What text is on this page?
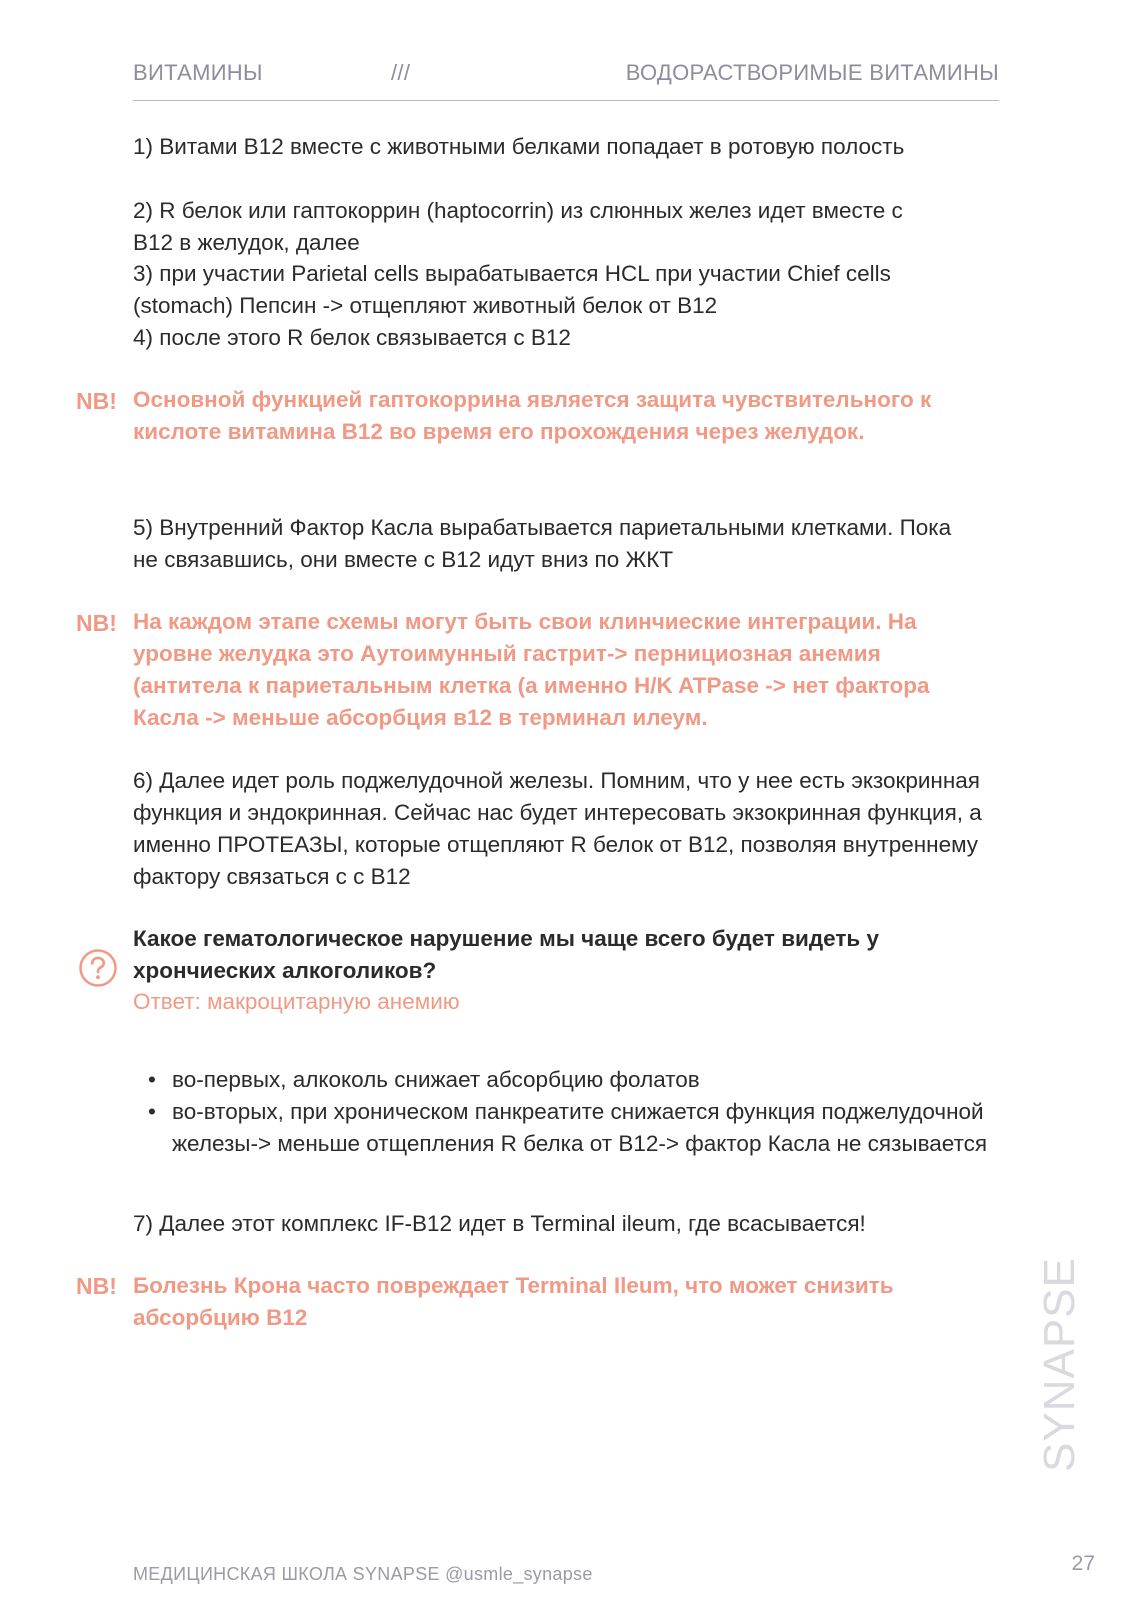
ВИТАМИНЫ	///	ВОДОРАСТВОРИМЫЕ ВИТАМИНЫ

1) Витами В12 вместе с животными белками попадает в ротовую полость

2) R белок или гаптокоррин (haptocorrin) из слюнных желез идет вместе с В12 в желудок, далее

3) при участии Parietal cells вырабатывается HCL при участии Chief cells (stomach) Пепсин -> отщепляют животный белок от В12

4) после этого R белок связывается с В12

NB! Основной функцией гаптокоррина является защита чувствительного к кислоте витамина В12 во время его прохождения через желудок.

5) Внутренний Фактор Касла вырабатывается париетальными клетками. Пока не связавшись, они вместе с В12 идут вниз по ЖКТ

NB! На каждом этапе схемы могут быть свои клинчиеские интеграции. На уровне желудка это Аутоимунный гастрит-> пернициозная анемия (антитела к париетальным клетка (а именно H/K ATPase -> нет фактора Касла -> меньше абсорбция в12 в терминал илеум.

6) Далее идет роль поджелудочной железы. Помним, что у нее есть экзокринная функция и эндокринная. Сейчас нас будет интересовать экзокринная функция, а именно ПРОТЕАЗЫ, которые отщепляют R белок от В12, позволяя внутреннему фактору связаться с с В12

Какое гематологическое нарушение мы чаще всего будет видеть у хрончиеских алкоголиков?

Ответ: макроцитарную анемию
• во-первых, алкоколь снижает абсорбцию фолатов
• во-вторых, при хроническом панкреатите снижается функция поджелудочной железы-> меньше отщепления R белка от В12-> фактор Касла не сязывается

7) Далее этот комплекс IF-B12 идет в Terminal ileum, где всасывается!

NB! Болезнь Крона часто повреждает Terminal Ileum, что может снизить абсорбцию В12	SYNAPSE
МЕДИЦИНСКАЯ ШКОЛА SYNAPSE @usmle_synapse	27
